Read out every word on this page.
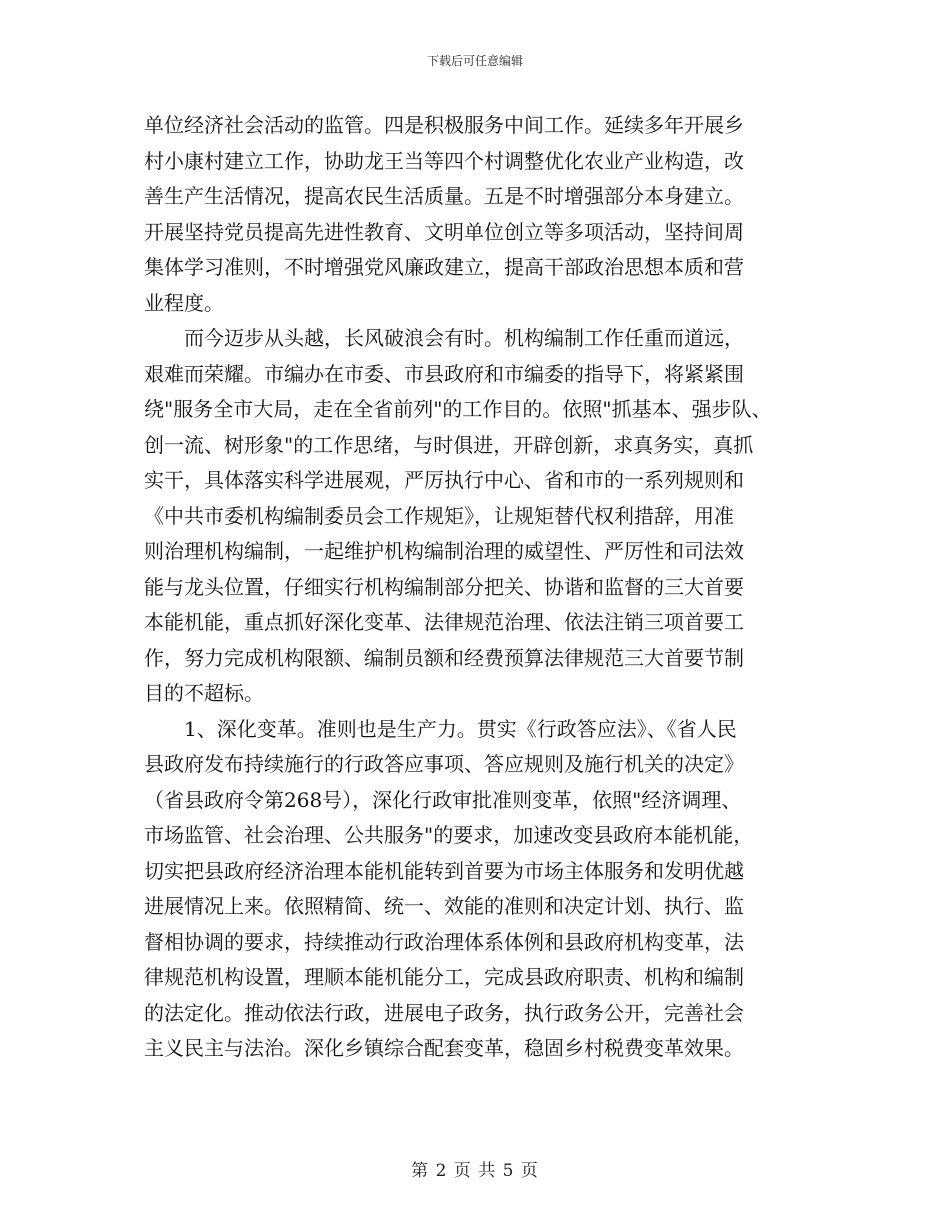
下载后可任意编辑
单位经济社会活动的监管。四是积极服务中间工作。延续多年开展乡
村小康村建立工作，协助龙王当等四个村调整优化农业产业构造，改
善生产生活情况，提高农民生活质量。五是不时增强部分本身建立。
开展坚持党员提高先进性教育、文明单位创立等多项活动，坚持间周
集体学习准则，不时增强党风廉政建立，提高干部政治思想本质和营
业程度。
　　而今迈步从头越，长风破浪会有时。机构编制工作任重而道远，
艰难而荣耀。市编办在市委、市县政府和市编委的指导下，将紧紧围
绕"服务全市大局，走在全省前列"的工作目的。依照"抓基本、强步队、
创一流、树形象"的工作思绪，与时俱进，开辟创新，求真务实，真抓
实干，具体落实科学进展观，严厉执行中心、省和市的一系列规则和
《中共市委机构编制委员会工作规矩》，让规矩替代权利措辞，用准
则治理机构编制，一起维护机构编制治理的威望性、严厉性和司法效
能与龙头位置，仔细实行机构编制部分把关、协谐和监督的三大首要
本能机能，重点抓好深化变革、法律规范治理、依法注销三项首要工
作，努力完成机构限额、编制员额和经费预算法律规范三大首要节制
目的不超标。
　　1、深化变革。准则也是生产力。贯实《行政答应法》、《省人民
县政府发布持续施行的行政答应事项、答应规则及施行机关的决定》
（省县政府令第268号），深化行政审批准则变革，依照"经济调理、
市场监管、社会治理、公共服务"的要求，加速改变县政府本能机能，
切实把县政府经济治理本能机能转到首要为市场主体服务和发明优越
进展情况上来。依照精简、统一、效能的准则和决定计划、执行、监
督相协调的要求，持续推动行政治理体系体例和县政府机构变革，法
律规范机构设置，理顺本能机能分工，完成县政府职责、机构和编制
的法定化。推动依法行政，进展电子政务，执行政务公开，完善社会
主义民主与法治。深化乡镇综合配套变革，稳固乡村税费变革效果。
第 2 页 共 5 页
